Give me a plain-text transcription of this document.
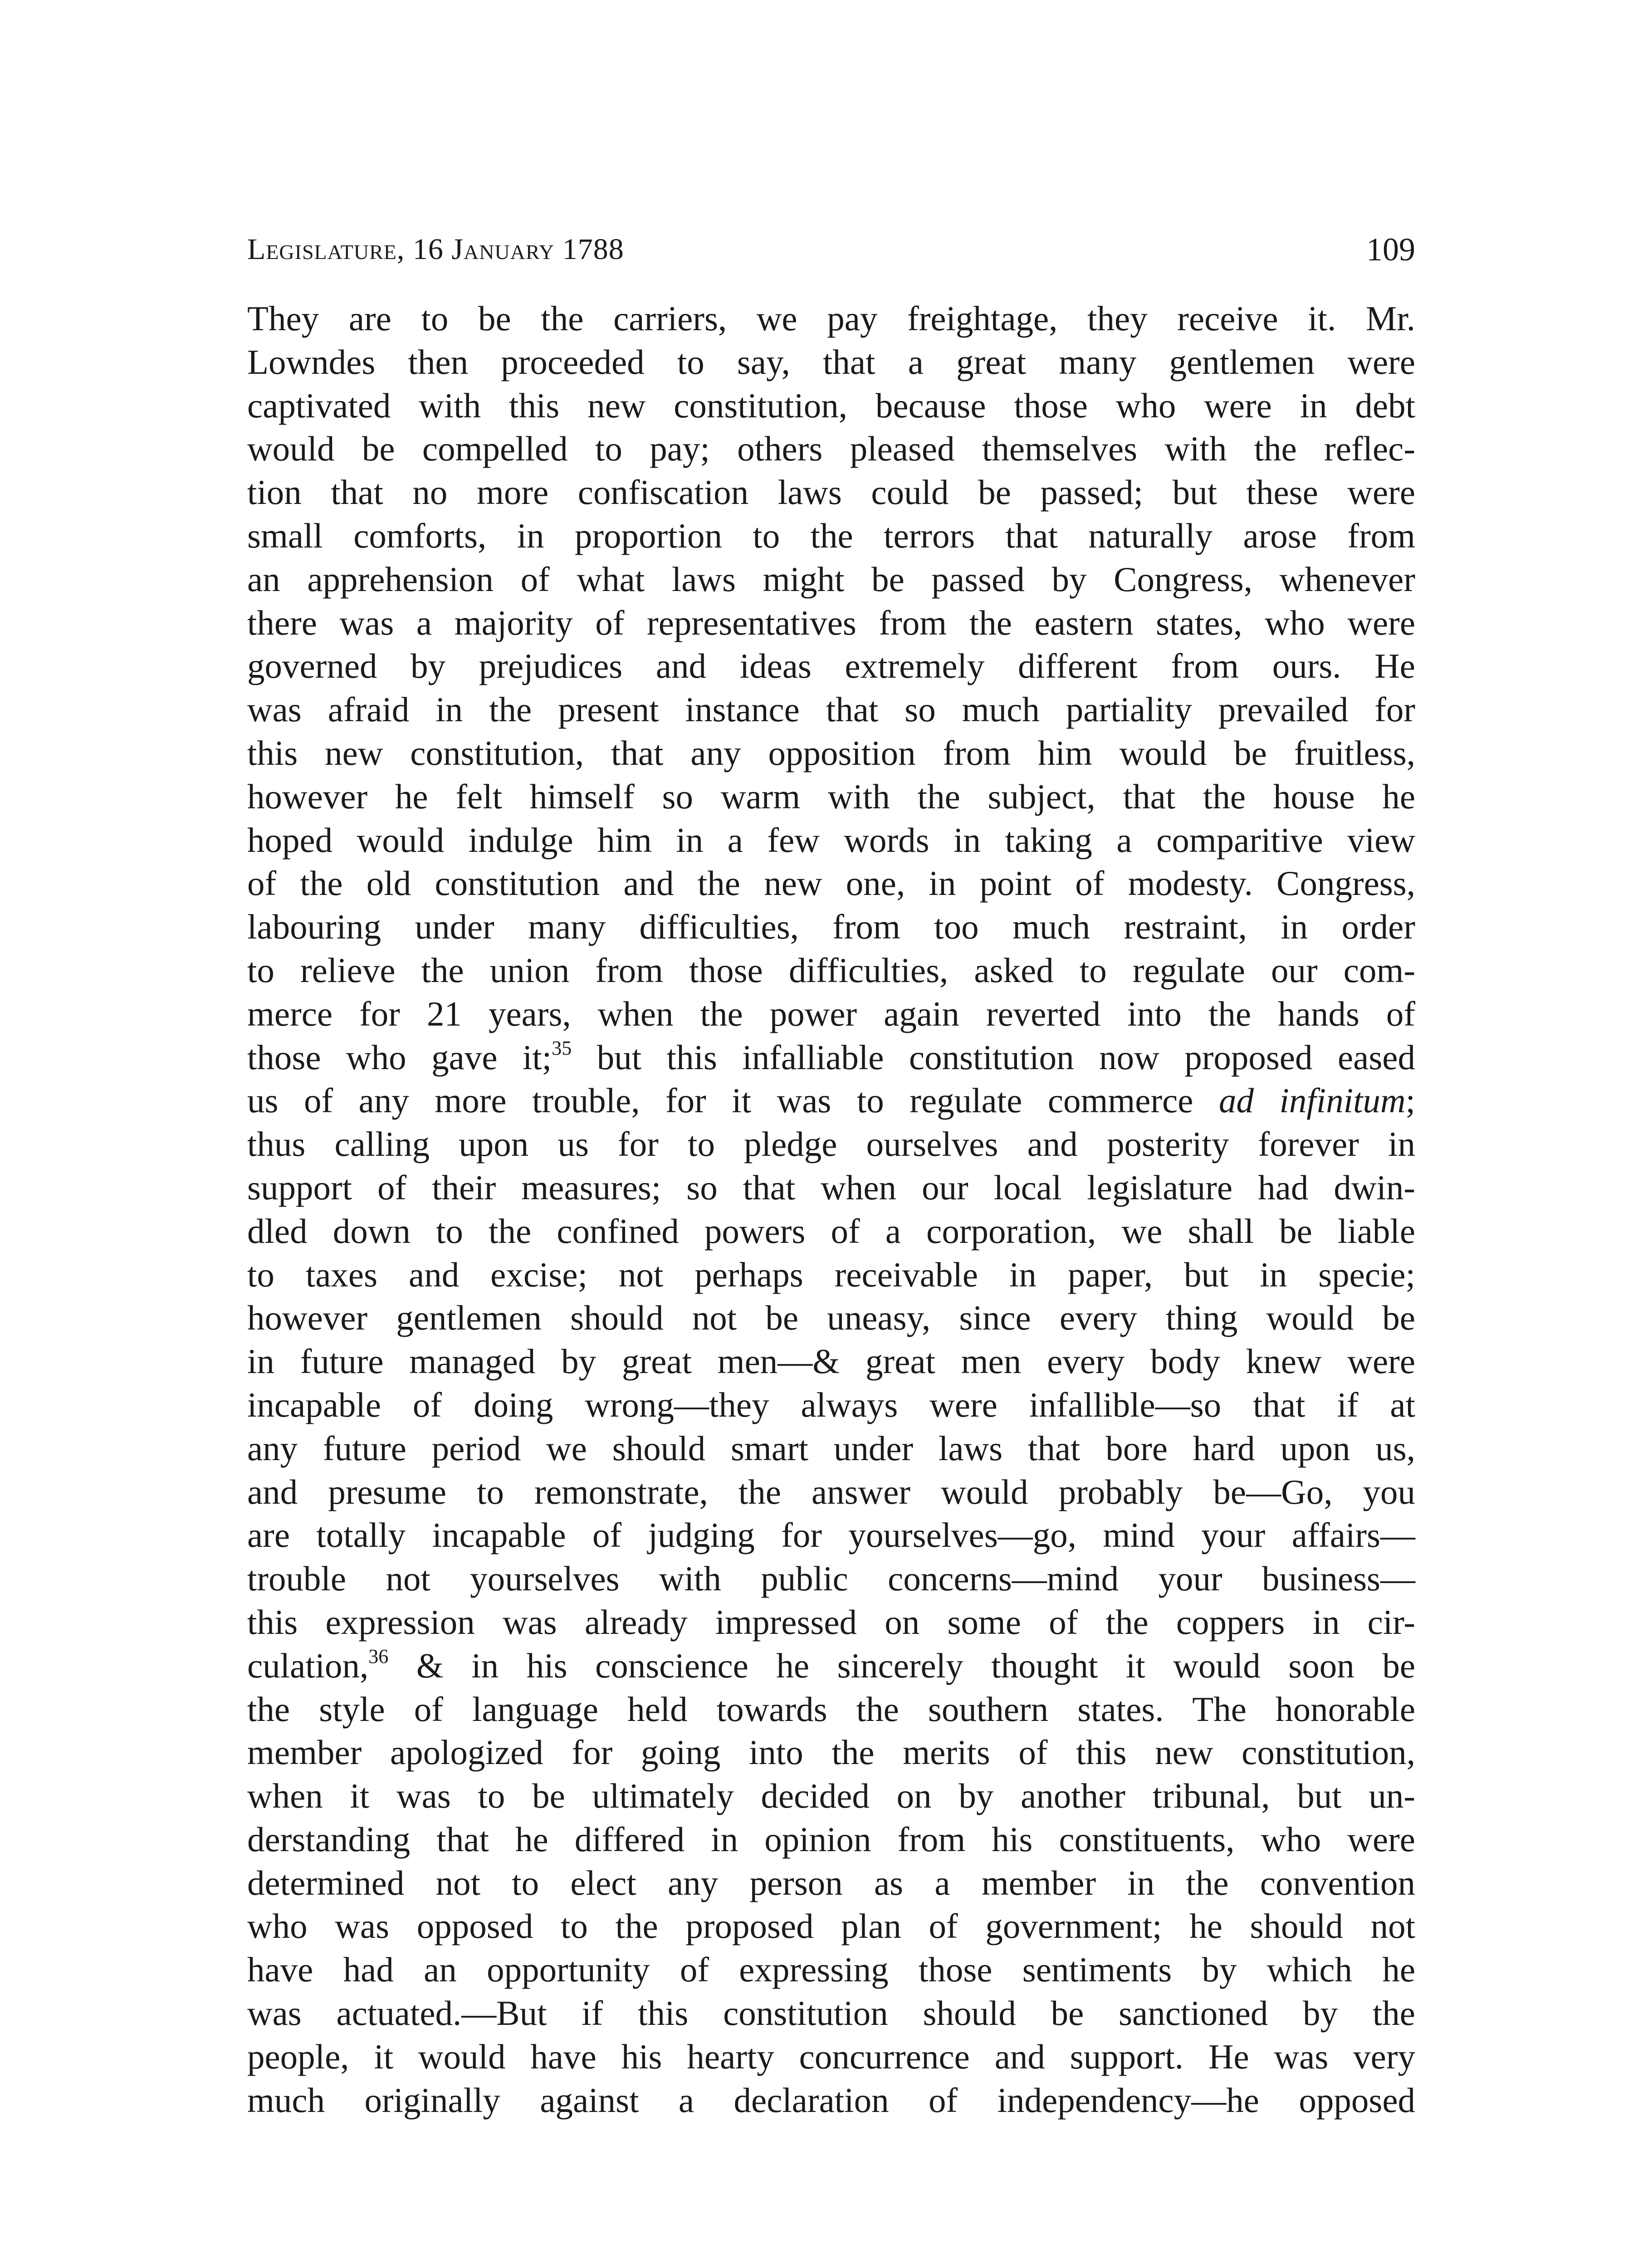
Legislature, 16 January 1788	109
They are to be the carriers, we pay freightage, they receive it. Mr.
Lowndes then proceeded to say, that a great many gentlemen were
captivated with this new constitution, because those who were in debt
would be compelled to pay; others pleased themselves with the reflec-
tion that no more confiscation laws could be passed; but these were
small comforts, in proportion to the terrors that naturally arose from
an apprehension of what laws might be passed by Congress, whenever
there was a majority of representatives from the eastern states, who were
governed by prejudices and ideas extremely different from ours. He
was afraid in the present instance that so much partiality prevailed for
this new constitution, that any opposition from him would be fruitless,
however he felt himself so warm with the subject, that the house he
hoped would indulge him in a few words in taking a comparitive view
of the old constitution and the new one, in point of modesty. Congress,
labouring under many difficulties, from too much restraint, in order
to relieve the union from those difficulties, asked to regulate our com-
merce for 21 years, when the power again reverted into the hands of
those who gave it;$^{35}$ but this infalliable constitution now proposed eased
us of any more trouble, for it was to regulate commerce ad infinitum;
thus calling upon us for to pledge ourselves and posterity forever in
support of their measures; so that when our local legislature had dwin-
dled down to the confined powers of a corporation, we shall be liable
to taxes and excise; not perhaps receivable in paper, but in specie;
however gentlemen should not be uneasy, since every thing would be
in future managed by great men—& great men every body knew were
incapable of doing wrong—they always were infallible—so that if at
any future period we should smart under laws that bore hard upon us,
and presume to remonstrate, the answer would probably be—Go, you
are totally incapable of judging for yourselves—go, mind your affairs—
trouble not yourselves with public concerns—mind your business—
this expression was already impressed on some of the coppers in cir-
culation,$^{36}$ & in his conscience he sincerely thought it would soon be
the style of language held towards the southern states. The honorable
member apologized for going into the merits of this new constitution,
when it was to be ultimately decided on by another tribunal, but un-
derstanding that he differed in opinion from his constituents, who were
determined not to elect any person as a member in the convention
who was opposed to the proposed plan of government; he should not
have had an opportunity of expressing those sentiments by which he
was actuated.—But if this constitution should be sanctioned by the
people, it would have his hearty concurrence and support. He was very
much originally against a declaration of independency—he opposed
